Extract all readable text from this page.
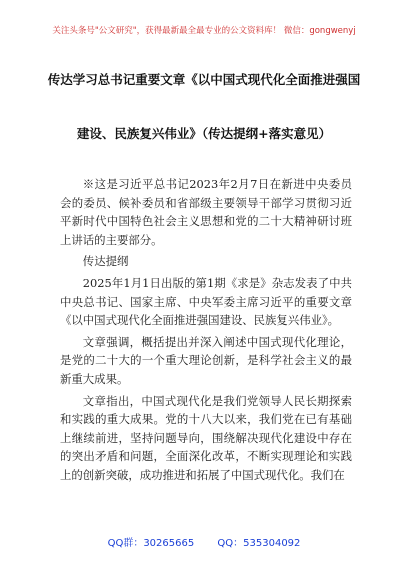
关注头条号"公文研究"，获得最新最全最专业的公文资料库！ 微信：gongwenyj
传达学习总书记重要文章《以中国式现代化全面推进强国
建设、民族复兴伟业》（传达提纲+落实意见）

※这是习近平总书记2023年2月7日在新进中央委员会的委员、候补委员和省部级主要领导干部学习贯彻习近平新时代中国特色社会主义思想和党的二十大精神研讨班上讲话的主要部分。

传达提纲

2025年1月1日出版的第1期《求是》杂志发表了中共中央总书记、国家主席、中央军委主席习近平的重要文章《以中国式现代化全面推进强国建设、民族复兴伟业》。

文章强调，概括提出并深入阐述中国式现代化理论，是党的二十大的一个重大理论创新，是科学社会主义的最新重大成果。

文章指出，中国式现代化是我们党领导人民长期探索和实践的重大成果。党的十八大以来，我们党在已有基础上继续前进，坚持问题导向，围绕解决现代化建设中存在的突出矛盾和问题，全面深化改革，不断实现理论和实践上的创新突破，成功推进和拓展了中国式现代化。我们在

QQ群：30265665 QQ：535304092
